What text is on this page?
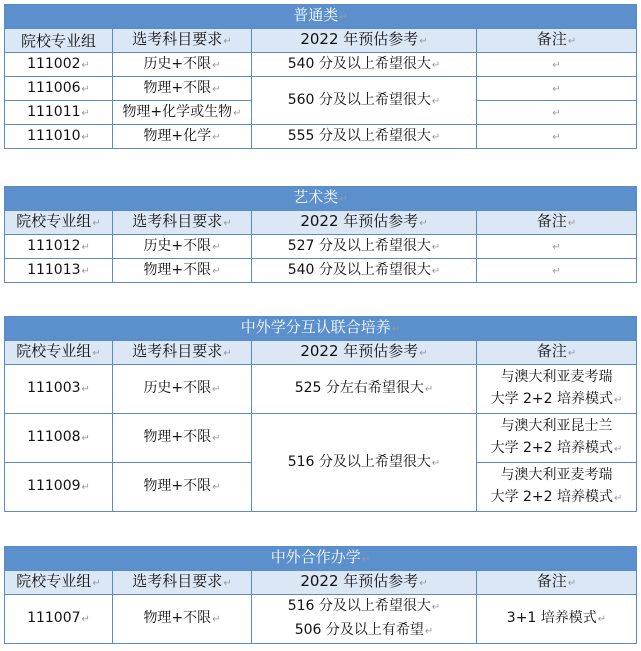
普通类 ↵
院校专业组	选考科目要求 ↵	2022 年预估参考 ↵	备注 ↵
111002 ↵	历史+不限 ↵	540 分及以上希望很大 ↵	↵
111006 ↵	物理+不限 ↵	560 分及以上希望很大 ↵	↵
111011 ↵	物理+化学或生物 ↵		↵
111010 ↵	物理+化学 ↵	555 分及以上希望很大 ↵	↵
艺术类 ↵
院校专业组 ↵	选考科目要求 ↵	2022 年预估参考 ↵	备注 ↵
111012 ↵	历史+不限 ↵	527 分及以上希望很大 ↵	↵
111013 ↵	物理+不限 ↵	540 分及以上希望很大 ↵	↵
中外学分互认联合培养 ↵
院校专业组 ↵	选考科目要求 ↵	2022 年预估参考 ↵	备注 ↵
111003 ↵	历史+不限 ↵	525 分左右希望很大 ↵	与澳大利亚麦考瑞
大学 2+2 培养模式 ↵
111008 ↵	物理+不限 ↵	516 分及以上希望很大 ↵	与澳大利亚昆士兰
大学 2+2 培养模式 ↵
111009 ↵	物理+不限 ↵		与澳大利亚麦考瑞
大学 2+2 培养模式 ↵
中外合作办学 ↵
院校专业组 ↵	选考科目要求 ↵	2022 年预估参考 ↵	备注 ↵
111007 ↵	物理+不限 ↵	516 分及以上希望很大 ↵
506 分及以上有希望 ↵	3+1 培养模式 ↵
